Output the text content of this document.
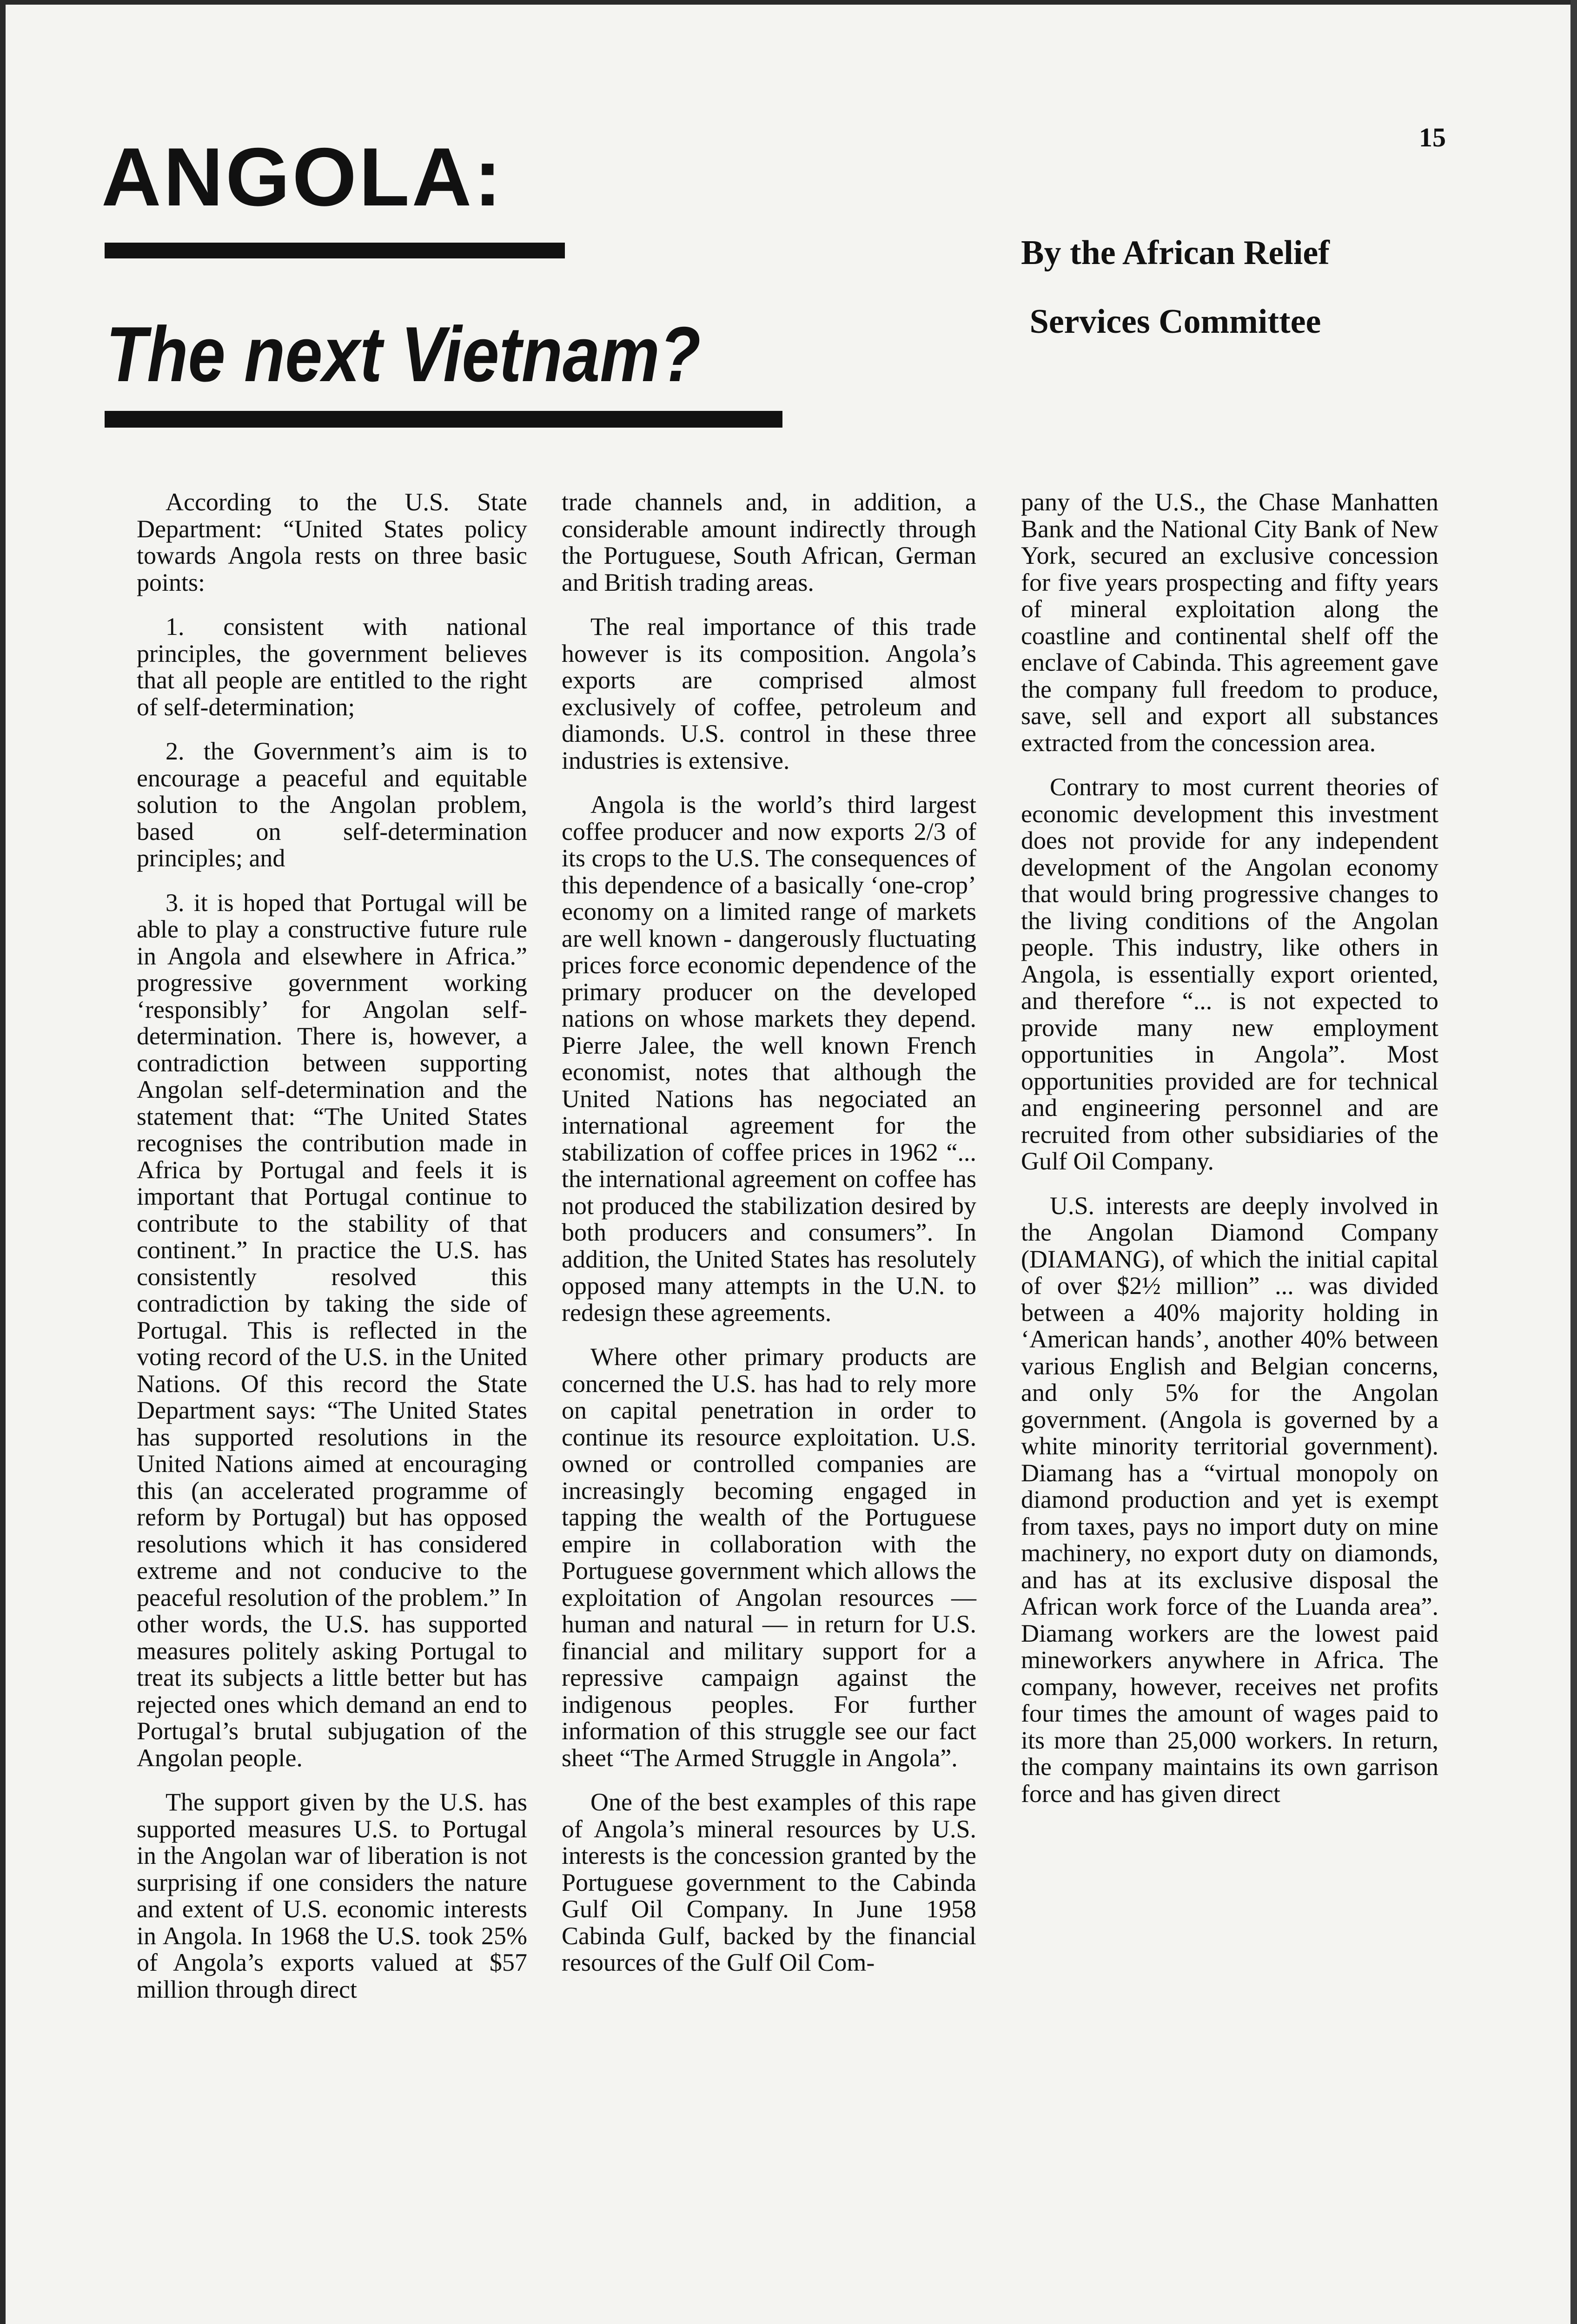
15
ANGOLA:
The next Vietnam?
By the African Relief
Services Committee

According to the U.S. State Department: “United States policy towards Angola rests on three basic points:

1. consistent with national principles, the government believes that all people are entitled to the right of self-determination;

2. the Government’s aim is to encourage a peaceful and equitable solution to the Angolan problem, based on self-determination principles; and

3. it is hoped that Portugal will be able to play a constructive future rule in Angola and elsewhere in Africa.” progressive government working ‘responsibly’ for Angolan self-determination. There is, however, a contradiction between supporting Angolan self-determination and the statement that: “The United States recognises the contribution made in Africa by Portugal and feels it is important that Portugal continue to contribute to the stability of that continent.” In practice the U.S. has consistently resolved this contradiction by taking the side of Portugal. This is reflected in the voting record of the U.S. in the United Nations. Of this record the State Department says: “The United States has supported resolutions in the United Nations aimed at encouraging this (an accelerated programme of reform by Portugal) but has opposed resolutions which it has considered extreme and not conducive to the peaceful resolution of the problem.” In other words, the U.S. has supported measures politely asking Portugal to treat its subjects a little better but has rejected ones which demand an end to Portugal’s brutal subjugation of the Angolan people.

The support given by the U.S. has supported measures U.S. to Portugal in the Angolan war of liberation is not surprising if one considers the nature and extent of U.S. economic interests in Angola. In 1968 the U.S. took 25% of Angola’s exports valued at $57 million through direct

trade channels and, in addition, a considerable amount indirectly through the Portuguese, South African, German and British trading areas.

The real importance of this trade however is its composition. Angola’s exports are comprised almost exclusively of coffee, petroleum and diamonds. U.S. control in these three industries is extensive.

Angola is the world’s third largest coffee producer and now exports 2/3 of its crops to the U.S. The consequences of this dependence of a basically ‘one-crop’ economy on a limited range of markets are well known - dangerously fluctuating prices force economic dependence of the primary producer on the developed nations on whose markets they depend. Pierre Jalee, the well known French economist, notes that although the United Nations has negociated an international agreement for the stabilization of coffee prices in 1962 “... the international agreement on coffee has not produced the stabilization desired by both producers and consumers”. In addition, the United States has resolutely opposed many attempts in the U.N. to redesign these agreements.

Where other primary products are concerned the U.S. has had to rely more on capital penetration in order to continue its resource exploitation. U.S. owned or controlled companies are increasingly becoming engaged in tapping the wealth of the Portuguese empire in collaboration with the Portuguese government which allows the exploitation of Angolan resources — human and natural — in return for U.S. financial and military support for a repressive campaign against the indigenous peoples. For further information of this struggle see our fact sheet “The Armed Struggle in Angola”.

One of the best examples of this rape of Angola’s mineral resources by U.S. interests is the concession granted by the Portuguese government to the Cabinda Gulf Oil Company. In June 1958 Cabinda Gulf, backed by the financial resources of the Gulf Oil Com-

pany of the U.S., the Chase Manhatten Bank and the National City Bank of New York, secured an exclusive concession for five years prospecting and fifty years of mineral exploitation along the coastline and continental shelf off the enclave of Cabinda. This agreement gave the company full freedom to produce, save, sell and export all substances extracted from the concession area.

Contrary to most current theories of economic development this investment does not provide for any independent development of the Angolan economy that would bring progressive changes to the living conditions of the Angolan people. This industry, like others in Angola, is essentially export oriented, and therefore “... is not expected to provide many new employment opportunities in Angola”. Most opportunities provided are for technical and engineering personnel and are recruited from other subsidiaries of the Gulf Oil Company.

U.S. interests are deeply involved in the Angolan Diamond Company (DIAMANG), of which the initial capital of over $2½ million” ... was divided between a 40% majority holding in ‘American hands’, another 40% between various English and Belgian concerns, and only 5% for the Angolan government. (Angola is governed by a white minority territorial government). Diamang has a “virtual monopoly on diamond production and yet is exempt from taxes, pays no import duty on mine machinery, no export duty on diamonds, and has at its exclusive disposal the African work force of the Luanda area”. Diamang workers are the lowest paid mineworkers anywhere in Africa. The company, however, receives net profits four times the amount of wages paid to its more than 25,000 workers. In return, the company maintains its own garrison force and has given direct
